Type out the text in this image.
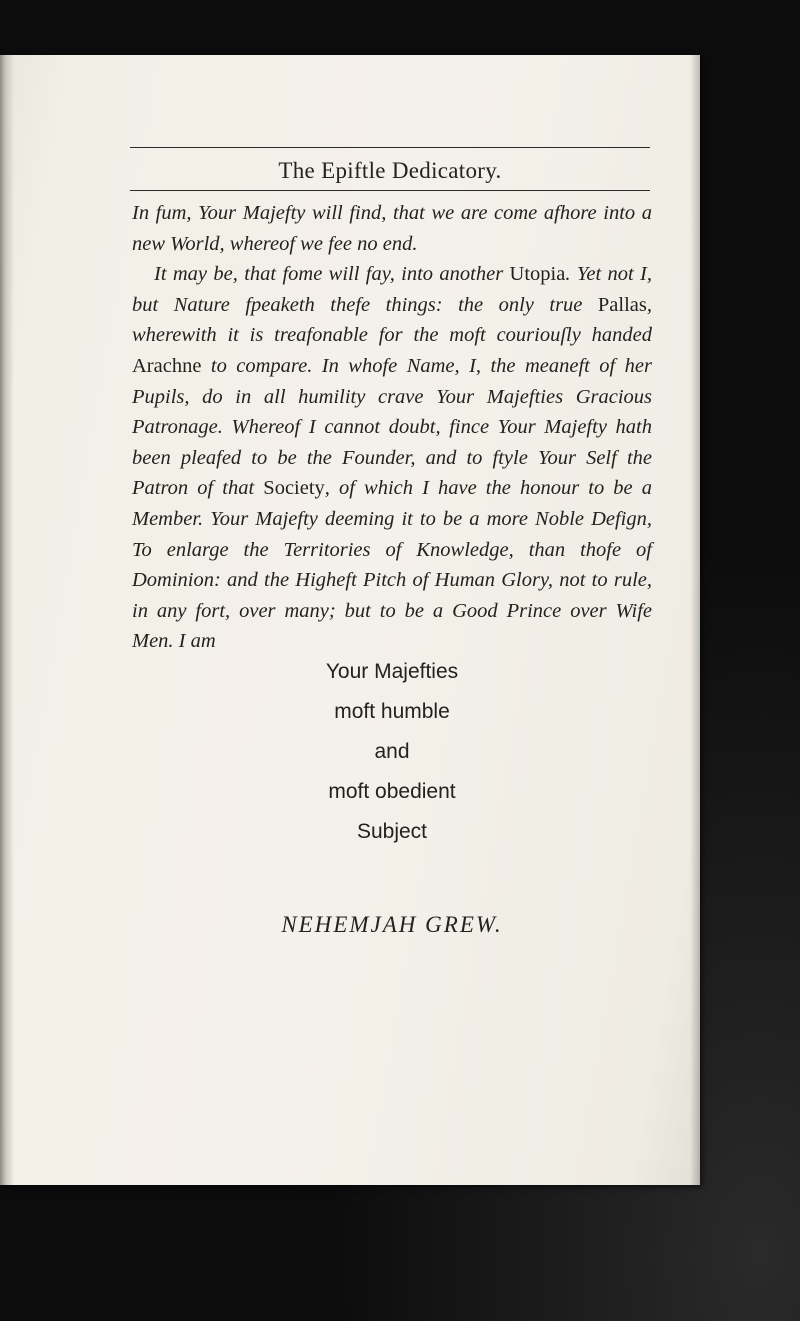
The Epiftle Dedicatory.

In fum, Your Majefty will find, that we are come afhore into a new World, whereof we fee no end.

It may be, that fome will fay, into another Utopia. Yet not I, but Nature fpeaketh thefe things: the only true Pallas, wherewith it is treafonable for the moft couriouſly handed Arachne to compare. In whofe Name, I, the meaneft of her Pupils, do in all humility crave Your Majefties Gracious Patronage. Whereof I cannot doubt, fince Your Majefty hath been pleafed to be the Founder, and to ftyle Your Self the Patron of that Society, of which I have the honour to be a Member. Your Majefty deeming it to be a more Noble Defign, To enlarge the Territories of Knowledge, than thofe of Dominion: and the Higheft Pitch of Human Glory, not to rule, in any fort, over many; but to be a Good Prince over Wife Men. I am

Your Majefties
moft humble
and
moft obedient
Subject
NEHEMJAH GREW.
